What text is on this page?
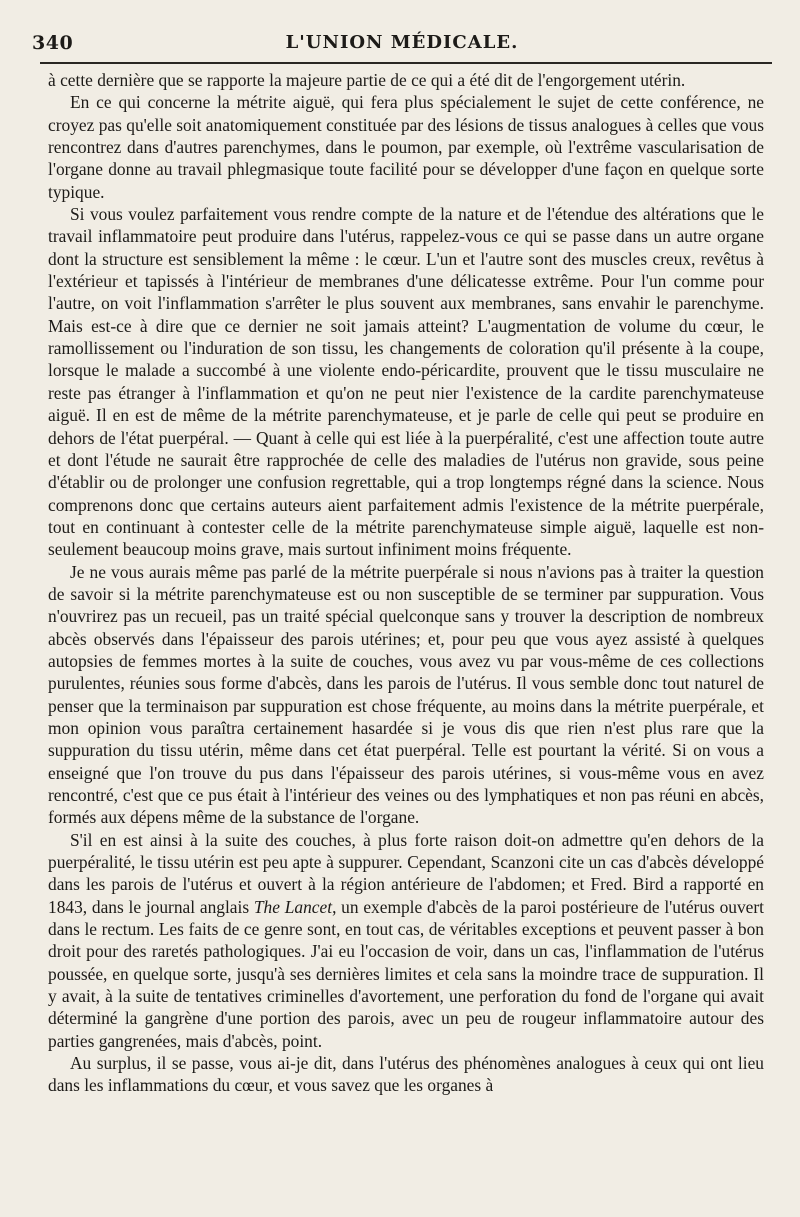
340	L'UNION MÉDICALE.

à cette dernière que se rapporte la majeure partie de ce qui a été dit de l'engorgement utérin.

En ce qui concerne la métrite aiguë, qui fera plus spécialement le sujet de cette conférence, ne croyez pas qu'elle soit anatomiquement constituée par des lésions de tissus analogues à celles que vous rencontrez dans d'autres parenchymes, dans le poumon, par exemple, où l'extrême vascularisation de l'organe donne au travail phlegmasique toute facilité pour se développer d'une façon en quelque sorte typique.

Si vous voulez parfaitement vous rendre compte de la nature et de l'étendue des altérations que le travail inflammatoire peut produire dans l'utérus, rappelez-vous ce qui se passe dans un autre organe dont la structure est sensiblement la même : le cœur. L'un et l'autre sont des muscles creux, revêtus à l'extérieur et tapissés à l'intérieur de membranes d'une délicatesse extrême. Pour l'un comme pour l'autre, on voit l'inflammation s'arrêter le plus souvent aux membranes, sans envahir le parenchyme. Mais est-ce à dire que ce dernier ne soit jamais atteint? L'augmentation de volume du cœur, le ramollissement ou l'induration de son tissu, les changements de coloration qu'il présente à la coupe, lorsque le malade a succombé à une violente endo-péricardite, prouvent que le tissu musculaire ne reste pas étranger à l'inflammation et qu'on ne peut nier l'existence de la cardite parenchymateuse aiguë. Il en est de même de la métrite parenchymateuse, et je parle de celle qui peut se produire en dehors de l'état puerpéral. — Quant à celle qui est liée à la puerpéralité, c'est une affection toute autre et dont l'étude ne saurait être rapprochée de celle des maladies de l'utérus non gravide, sous peine d'établir ou de prolonger une confusion regrettable, qui a trop longtemps régné dans la science. Nous comprenons donc que certains auteurs aient parfaitement admis l'existence de la métrite puerpérale, tout en continuant à contester celle de la métrite parenchymateuse simple aiguë, laquelle est non-seulement beaucoup moins grave, mais surtout infiniment moins fréquente.

Je ne vous aurais même pas parlé de la métrite puerpérale si nous n'avions pas à traiter la question de savoir si la métrite parenchymateuse est ou non susceptible de se terminer par suppuration. Vous n'ouvrirez pas un recueil, pas un traité spécial quelconque sans y trouver la description de nombreux abcès observés dans l'épaisseur des parois utérines; et, pour peu que vous ayez assisté à quelques autopsies de femmes mortes à la suite de couches, vous avez vu par vous-même de ces collections purulentes, réunies sous forme d'abcès, dans les parois de l'utérus. Il vous semble donc tout naturel de penser que la terminaison par suppuration est chose fréquente, au moins dans la métrite puerpérale, et mon opinion vous paraîtra certainement hasardée si je vous dis que rien n'est plus rare que la suppuration du tissu utérin, même dans cet état puerpéral. Telle est pourtant la vérité. Si on vous a enseigné que l'on trouve du pus dans l'épaisseur des parois utérines, si vous-même vous en avez rencontré, c'est que ce pus était à l'intérieur des veines ou des lymphatiques et non pas réuni en abcès, formés aux dépens même de la substance de l'organe.

S'il en est ainsi à la suite des couches, à plus forte raison doit-on admettre qu'en dehors de la puerpéralité, le tissu utérin est peu apte à suppurer. Cependant, Scanzoni cite un cas d'abcès développé dans les parois de l'utérus et ouvert à la région antérieure de l'abdomen; et Fred. Bird a rapporté en 1843, dans le journal anglais The Lancet, un exemple d'abcès de la paroi postérieure de l'utérus ouvert dans le rectum. Les faits de ce genre sont, en tout cas, de véritables exceptions et peuvent passer à bon droit pour des raretés pathologiques. J'ai eu l'occasion de voir, dans un cas, l'inflammation de l'utérus poussée, en quelque sorte, jusqu'à ses dernières limites et cela sans la moindre trace de suppuration. Il y avait, à la suite de tentatives criminelles d'avortement, une perforation du fond de l'organe qui avait déterminé la gangrène d'une portion des parois, avec un peu de rougeur inflammatoire autour des parties gangrenées, mais d'abcès, point.

Au surplus, il se passe, vous ai-je dit, dans l'utérus des phénomènes analogues à ceux qui ont lieu dans les inflammations du cœur, et vous savez que les organes à
